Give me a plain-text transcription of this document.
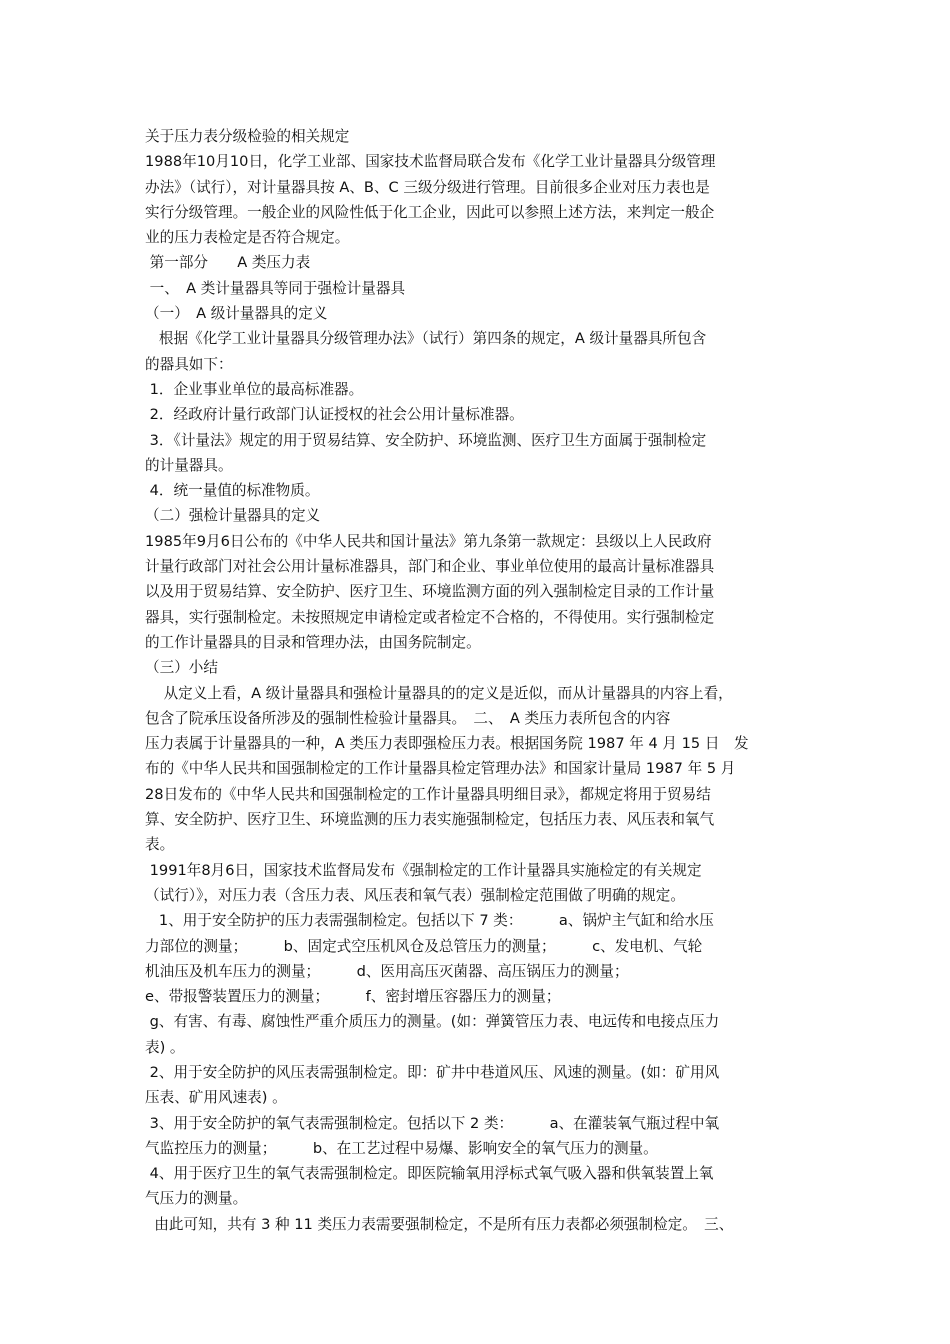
关于压力表分级检验的相关规定

1988年10月10日，化学工业部、国家技术监督局联合发布《化学工业计量器具分级管理

办法》（试行），对计量器具按 A、B、C 三级分级进行管理。目前很多企业对压力表也是

实行分级管理。一般企业的风险性低于化工企业，因此可以参照上述方法，来判定一般企

业的压力表检定是否符合规定。

第一部分　　A 类压力表

一、　A 类计量器具等同于强检计量器具

（一）　A 级计量器具的定义

根据《化学工业计量器具分级管理办法》（试行）第四条的规定，A 级计量器具所包含

的器具如下：

1．企业事业单位的最高标准器。

2．经政府计量行政部门认证授权的社会公用计量标准器。

3．《计量法》规定的用于贸易结算、安全防护、环境监测、医疗卫生方面属于强制检定

的计量器具。

4．统一量值的标准物质。

（二）强检计量器具的定义

1985年9月6日公布的《中华人民共和国计量法》第九条第一款规定：县级以上人民政府

计量行政部门对社会公用计量标准器具，部门和企业、事业单位使用的最高计量标准器具

以及用于贸易结算、安全防护、医疗卫生、环境监测方面的列入强制检定目录的工作计量

器具，实行强制检定。未按照规定申请检定或者检定不合格的，不得使用。实行强制检定

的工作计量器具的目录和管理办法，由国务院制定。

（三）小结

从定义上看，A 级计量器具和强检计量器具的的定义是近似，而从计量器具的内容上看，

包含了院承压设备所涉及的强制性检验计量器具。　二、　A 类压力表所包含的内容

压力表属于计量器具的一种，A 类压力表即强检压力表。根据国务院 1987 年 4 月 15 日　发

布的《中华人民共和国强制检定的工作计量器具检定管理办法》和国家计量局 1987 年 5 月

28日发布的《中华人民共和国强制检定的工作计量器具明细目录》，都规定将用于贸易结

算、安全防护、医疗卫生、环境监测的压力表实施强制检定，包括压力表、风压表和氧气

表。

1991年8月6日，国家技术监督局发布《强制检定的工作计量器具实施检定的有关规定

（试行）》，对压力表（含压力表、风压表和氧气表）强制检定范围做了明确的规定。

1、用于安全防护的压力表需强制检定。包括以下 7 类：　　　a、锅炉主气缸和给水压

力部位的测量；　　　b、固定式空压机风仓及总管压力的测量；　　　c、发电机、气轮

机油压及机车压力的测量；　　　d、医用高压灭菌器、高压锅压力的测量；

e、带报警装置压力的测量；　　　f、密封增压容器压力的测量；

g、有害、有毒、腐蚀性严重介质压力的测量。(如：弹簧管压力表、电远传和电接点压力

表) 。

2、用于安全防护的风压表需强制检定。即：矿井中巷道风压、风速的测量。(如：矿用风

压表、矿用风速表) 。

3、用于安全防护的氧气表需强制检定。包括以下 2 类：　　　a、在灌装氧气瓶过程中氧

气监控压力的测量；　　　b、在工艺过程中易爆、影响安全的氧气压力的测量。

4、用于医疗卫生的氧气表需强制检定。即医院输氧用浮标式氧气吸入器和供氧装置上氧

气压力的测量。

由此可知，共有 3 种 11 类压力表需要强制检定，不是所有压力表都必须强制检定。　三、
